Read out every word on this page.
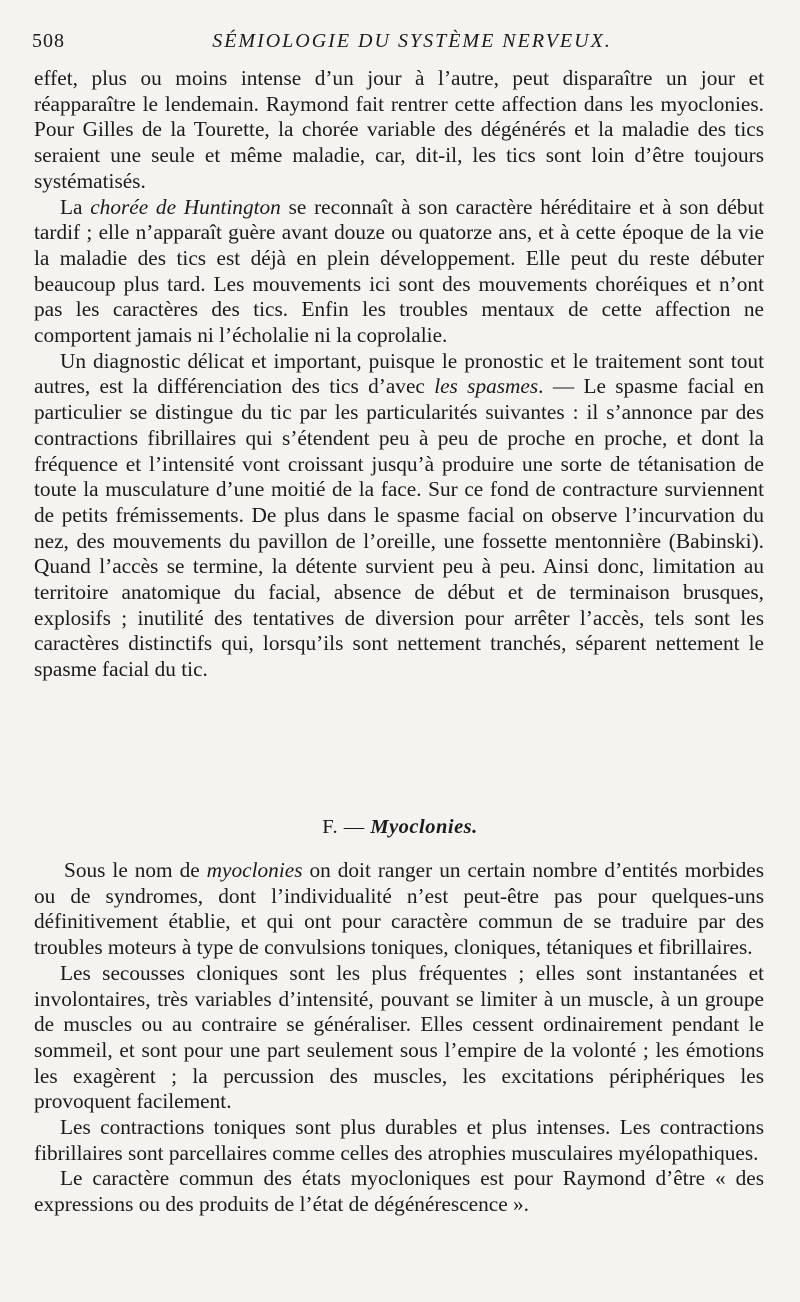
508	SÉMIOLOGIE DU SYSTÈME NERVEUX.

effet, plus ou moins intense d’un jour à l’autre, peut disparaître un jour et réapparaître le lendemain. Raymond fait rentrer cette affection dans les myoclonies. Pour Gilles de la Tourette, la chorée variable des dégénérés et la maladie des tics seraient une seule et même maladie, car, dit-il, les tics sont loin d’être toujours systématisés.

La chorée de Huntington se reconnaît à son caractère héréditaire et à son début tardif ; elle n’apparaît guère avant douze ou quatorze ans, et à cette époque de la vie la maladie des tics est déjà en plein développement. Elle peut du reste débuter beaucoup plus tard. Les mouvements ici sont des mouvements choréiques et n’ont pas les caractères des tics. Enfin les troubles mentaux de cette affection ne comportent jamais ni l’écholalie ni la coprolalie.

Un diagnostic délicat et important, puisque le pronostic et le traitement sont tout autres, est la différenciation des tics d’avec les spasmes. — Le spasme facial en particulier se distingue du tic par les particularités suivantes : il s’annonce par des contractions fibrillaires qui s’étendent peu à peu de proche en proche, et dont la fréquence et l’intensité vont croissant jusqu’à produire une sorte de tétanisation de toute la musculature d’une moitié de la face. Sur ce fond de contracture surviennent de petits frémissements. De plus dans le spasme facial on observe l’incurvation du nez, des mouvements du pavillon de l’oreille, une fossette mentonnière (Babinski). Quand l’accès se termine, la détente survient peu à peu. Ainsi donc, limitation au territoire anatomique du facial, absence de début et de terminaison brusques, explosifs ; inutilité des tentatives de diversion pour arrêter l’accès, tels sont les caractères distinctifs qui, lorsqu’ils sont nettement tranchés, séparent nettement le spasme facial du tic.

F. — Myoclonies.

Sous le nom de myoclonies on doit ranger un certain nombre d’entités morbides ou de syndromes, dont l’individualité n’est peut-être pas pour quelques-uns définitivement établie, et qui ont pour caractère commun de se traduire par des troubles moteurs à type de convulsions toniques, cloniques, tétaniques et fibrillaires.

Les secousses cloniques sont les plus fréquentes ; elles sont instantanées et involontaires, très variables d’intensité, pouvant se limiter à un muscle, à un groupe de muscles ou au contraire se généraliser. Elles cessent ordinairement pendant le sommeil, et sont pour une part seulement sous l’empire de la volonté ; les émotions les exagèrent ; la percussion des muscles, les excitations périphériques les provoquent facilement.

Les contractions toniques sont plus durables et plus intenses. Les contractions fibrillaires sont parcellaires comme celles des atrophies musculaires myélopathiques.

Le caractère commun des états myocloniques est pour Raymond d’être « des expressions ou des produits de l’état de dégénérescence ».
